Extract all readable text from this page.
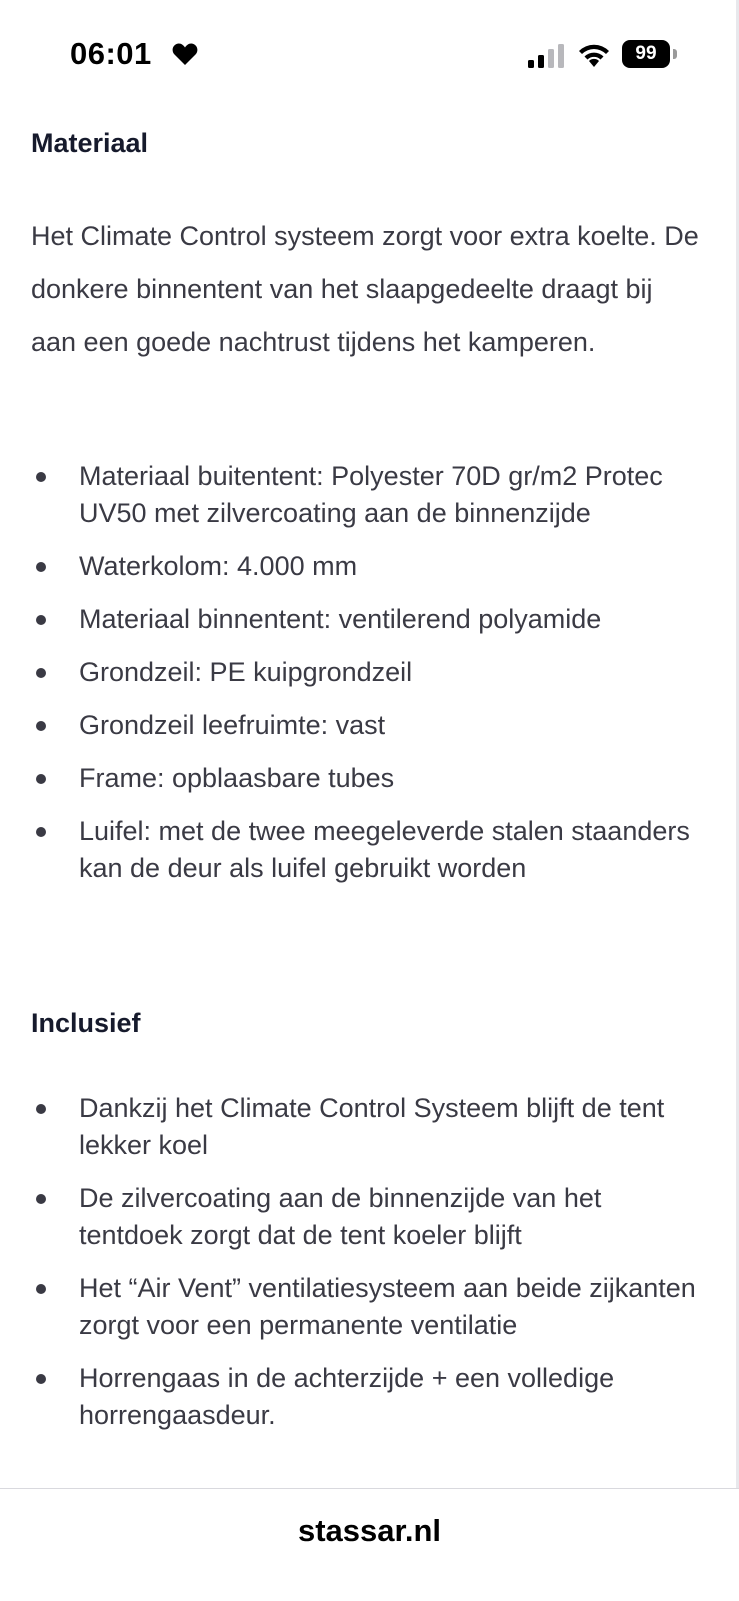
06:01	99
Materiaal

Het Climate Control systeem zorgt voor extra koelte. De donkere binnentent van het slaapgedeelte draagt bij aan een goede nachtrust tijdens het kamperen.

Materiaal buitentent: Polyester 70D gr/m2 Protec UV50 met zilvercoating aan de binnenzijde
Waterkolom: 4.000 mm
Materiaal binnentent: ventilerend polyamide
Grondzeil: PE kuipgrondzeil
Grondzeil leefruimte: vast
Frame: opblaasbare tubes
Luifel: met de twee meegeleverde stalen staanders kan de deur als luifel gebruikt worden
Inclusief
Dankzij het Climate Control Systeem blijft de tent lekker koel
De zilvercoating aan de binnenzijde van het tentdoek zorgt dat de tent koeler blijft
Het “Air Vent” ventilatiesysteem aan beide zijkanten zorgt voor een permanente ventilatie
Horrengaas in de achterzijde + een volledige horrengaasdeur.
stassar.nl
